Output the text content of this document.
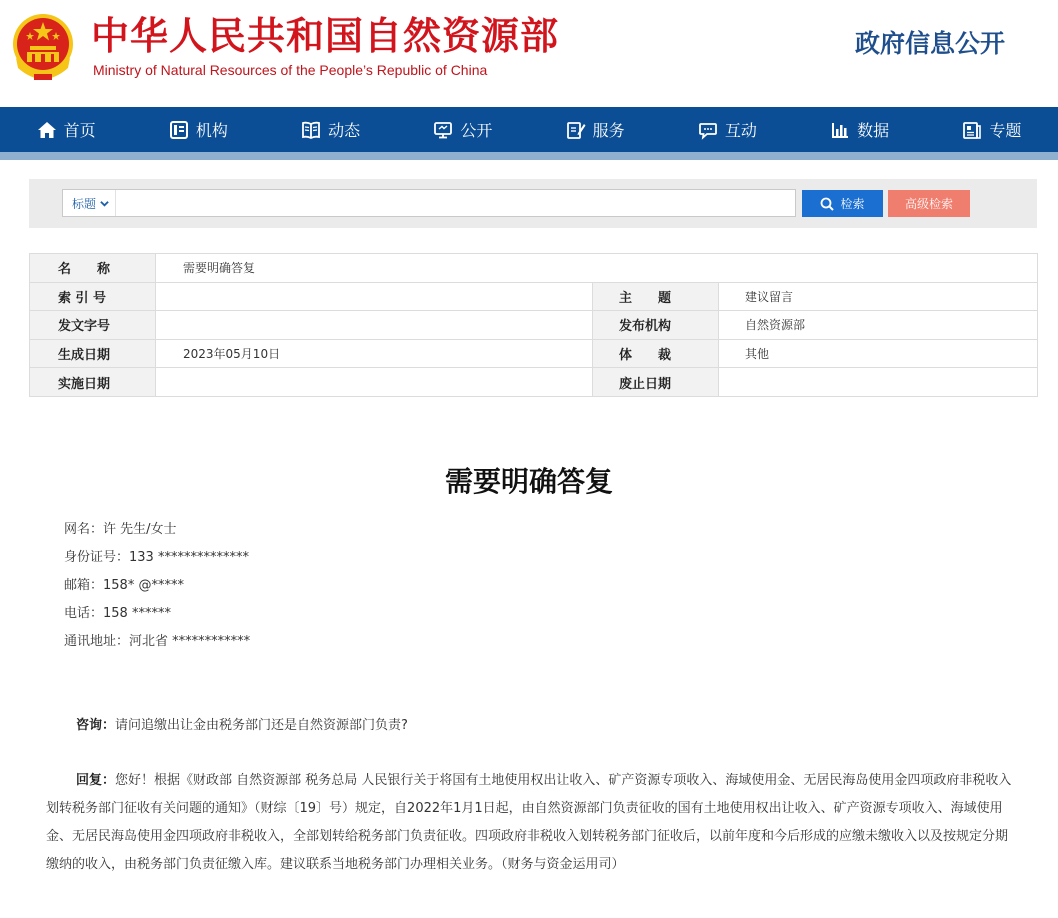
中华人民共和国自然资源部
Ministry of Natural Resources of the People’s Republic of China
政府信息公开
首页	机构	动态	公开	服务	互动	数据	专题
标题	检索	高级检索
名　　称	需要明确答复		
索 引 号		主　　题	建议留言
发文字号		发布机构	自然资源部
生成日期	2023年05月10日	体　　裁	其他
实施日期		废止日期	
需要明确答复
网名：许 先生/女士
身份证号：133 **************
邮箱：158* @*****
电话：158 ******
通讯地址：河北省 ************
咨询：请问追缴出让金由税务部门还是自然资源部门负责?
回复：您好！根据《财政部 自然资源部 税务总局 人民银行关于将国有土地使用权出让收入、矿产资源专项收入、海域使用金、无居民海岛使用金四项政府非税收入划转税务部门征收有关问题的通知》（财综〔19〕号）规定，自2022年1月1日起，由自然资源部门负责征收的国有土地使用权出让收入、矿产资源专项收入、海域使用金、无居民海岛使用金四项政府非税收入，全部划转给税务部门负责征收。四项政府非税收入划转税务部门征收后，以前年度和今后形成的应缴未缴收入以及按规定分期缴纳的收入，由税务部门负责征缴入库。建议联系当地税务部门办理相关业务。（财务与资金运用司）
